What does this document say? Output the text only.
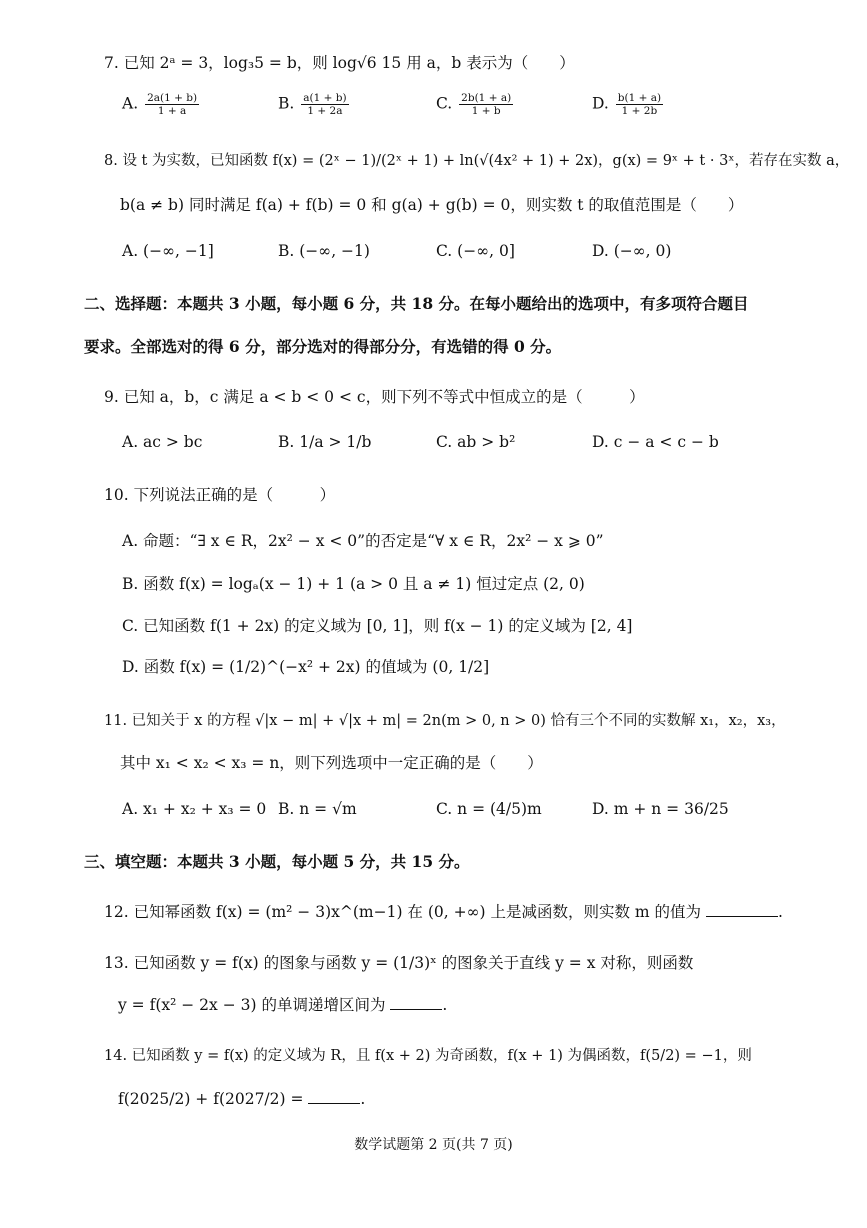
7. 已知 2ᵃ = 3，log₃5 = b，则 log√6 15 用 a，b 表示为（　　）
A. $\frac{2a(1 + b)}{1 + a}$	B. $\frac{a(1 + b)}{1 + 2a}$	C. $\frac{2b(1 + a)}{1 + b}$	D. $\frac{b(1 + a)}{1 + 2b}$
8. 设 t 为实数，已知函数 f(x) = (2ˣ − 1)/(2ˣ + 1) + ln(√(4x² + 1) + 2x)，g(x) = 9ˣ + t · 3ˣ，若存在实数 a，
b(a ≠ b) 同时满足 f(a) + f(b) = 0 和 g(a) + g(b) = 0，则实数 t 的取值范围是（　　）
A. (−∞, −1]	B. (−∞, −1)	C. (−∞, 0]	D. (−∞, 0)
二、选择题：本题共 3 小题，每小题 6 分，共 18 分。在每小题给出的选项中，有多项符合题目
要求。全部选对的得 6 分，部分选对的得部分分，有选错的得 0 分。
9. 已知 a，b，c 满足 a < b < 0 < c，则下列不等式中恒成立的是（　　　）
A. ac > bc	B. 1/a > 1/b	C. ab > b²	D. c − a < c − b
10. 下列说法正确的是（　　　）
A. 命题：“∃ x ∈ R，2x² − x < 0”的否定是“∀ x ∈ R，2x² − x ⩾ 0”
B. 函数 f(x) = logₐ(x − 1) + 1 (a > 0 且 a ≠ 1) 恒过定点 (2, 0)
C. 已知函数 f(1 + 2x) 的定义域为 [0, 1]，则 f(x − 1) 的定义域为 [2, 4]
D. 函数 f(x) = (1/2)^(−x² + 2x) 的值域为 (0, 1/2]
11. 已知关于 x 的方程 √|x − m| + √|x + m| = 2n(m > 0, n > 0) 恰有三个不同的实数解 x₁，x₂，x₃，
其中 x₁ < x₂ < x₃ = n，则下列选项中一定正确的是（　　）
A. x₁ + x₂ + x₃ = 0 B. n = √m	C. n = (4/5)m	D. m + n = 36/25
三、填空题：本题共 3 小题，每小题 5 分，共 15 分。
12. 已知幂函数 f(x) = (m² − 3)x^(m−1) 在 (0, +∞) 上是减函数，则实数 m 的值为	.
13. 已知函数 y = f(x) 的图象与函数 y = (1/3)ˣ 的图象关于直线 y = x 对称，则函数
y = f(x² − 2x − 3) 的单调递增区间为	.
14. 已知函数 y = f(x) 的定义域为 R，且 f(x + 2) 为奇函数，f(x + 1) 为偶函数，f(5/2) = −1，则
f(2025/2) + f(2027/2) =	.
数学试题第 2 页(共 7 页)
